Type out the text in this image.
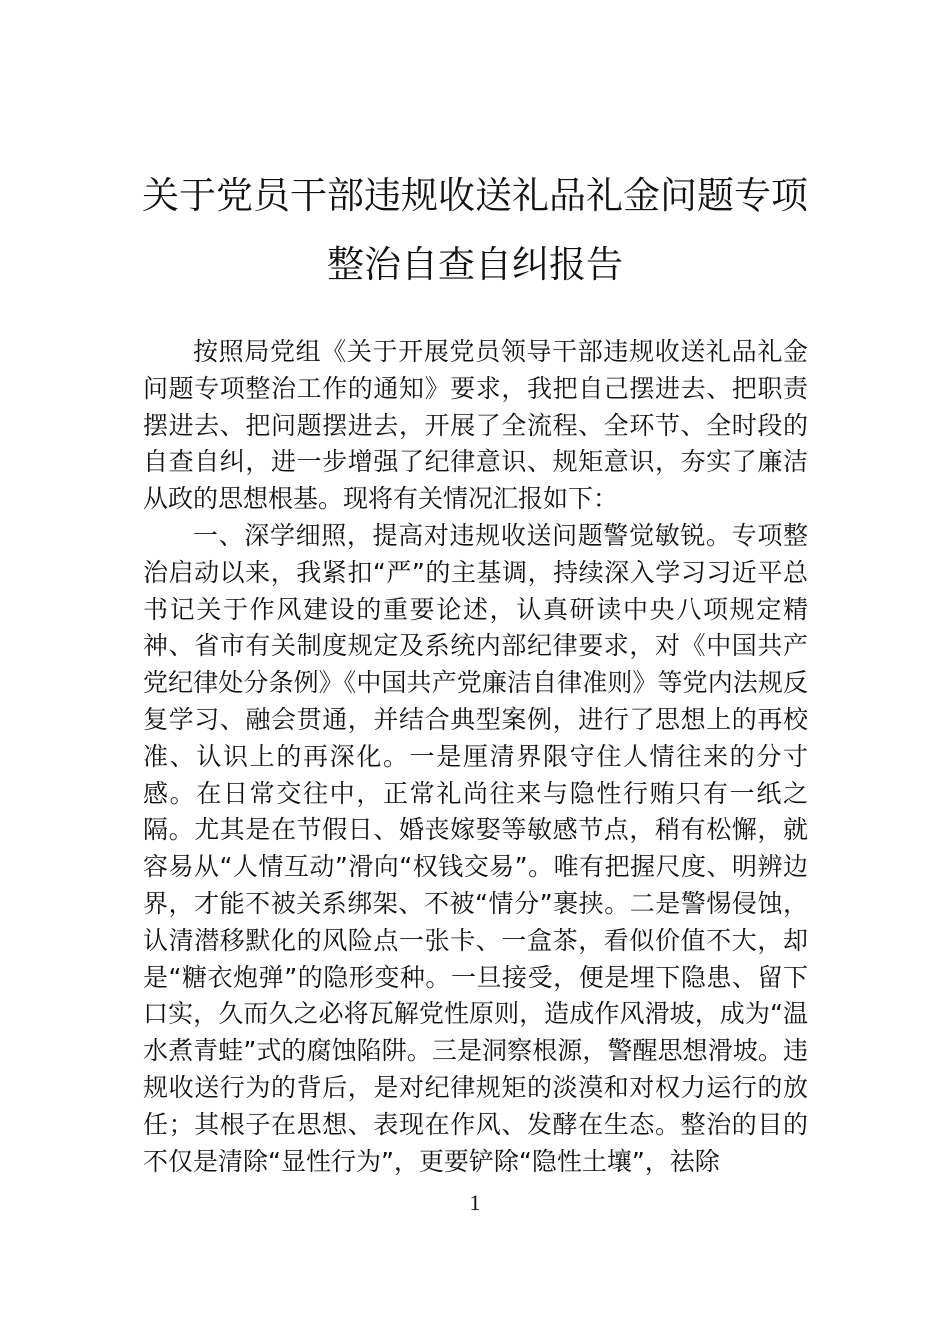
关于党员干部违规收送礼品礼金问题专项
整治自查自纠报告

按照局党组《关于开展党员领导干部违规收送礼品礼金问题专项整治工作的通知》要求，我把自己摆进去、把职责摆进去、把问题摆进去，开展了全流程、全环节、全时段的自查自纠，进一步增强了纪律意识、规矩意识，夯实了廉洁从政的思想根基。现将有关情况汇报如下：

一、深学细照，提高对违规收送问题警觉敏锐。专项整治启动以来，我紧扣“严”的主基调，持续深入学习习近平总书记关于作风建设的重要论述，认真研读中央八项规定精神、省市有关制度规定及系统内部纪律要求，对《中国共产党纪律处分条例》《中国共产党廉洁自律准则》等党内法规反复学习、融会贯通，并结合典型案例，进行了思想上的再校准、认识上的再深化。一是厘清界限守住人情往来的分寸感。在日常交往中，正常礼尚往来与隐性行贿只有一纸之隔。尤其是在节假日、婚丧嫁娶等敏感节点，稍有松懈，就容易从“人情互动”滑向“权钱交易”。唯有把握尺度、明辨边界，才能不被关系绑架、不被“情分”裹挟。二是警惕侵蚀，认清潜移默化的风险点一张卡、一盒茶，看似价值不大，却是“糖衣炮弹”的隐形变种。一旦接受，便是埋下隐患、留下口实，久而久之必将瓦解党性原则，造成作风滑坡，成为“温水煮青蛙”式的腐蚀陷阱。三是洞察根源，警醒思想滑坡。违规收送行为的背后，是对纪律规矩的淡漠和对权力运行的放任；其根子在思想、表现在作风、发酵在生态。整治的目的不仅是清除“显性行为”，更要铲除“隐性土壤”，祛除

1
